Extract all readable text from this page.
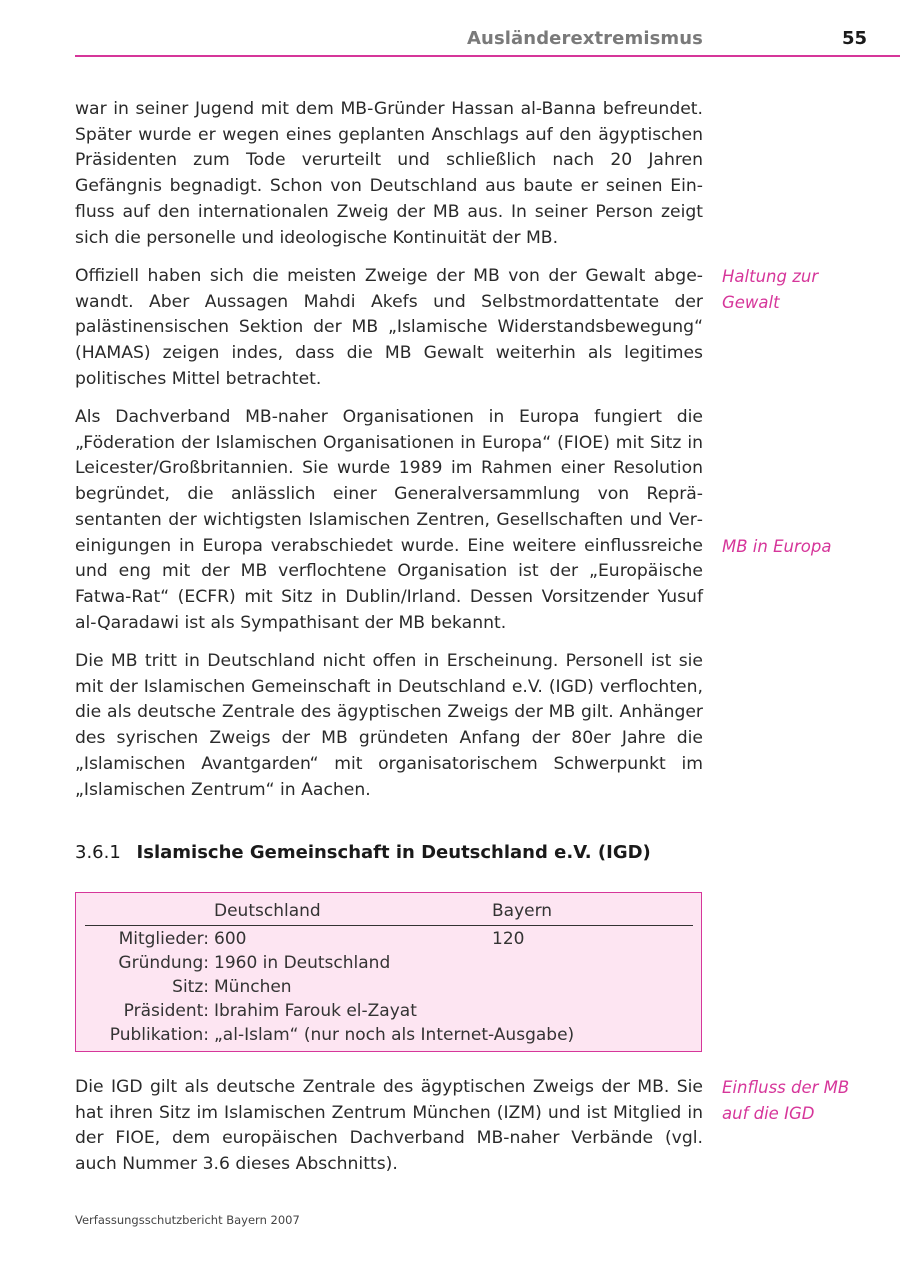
Ausländerextremismus	55

war in seiner Jugend mit dem MB-Gründer Hassan al-Banna befreundet. Später wurde er wegen eines geplanten Anschlags auf den ägyptischen Präsidenten zum Tode verurteilt und schließlich nach 20 Jahren Gefängnis begnadigt. Schon von Deutschland aus baute er seinen Einfluss auf den internationalen Zweig der MB aus. In seiner Person zeigt sich die personelle und ideologische Kontinuität der MB.

Offiziell haben sich die meisten Zweige der MB von der Gewalt abgewandt. Aber Aussagen Mahdi Akefs und Selbstmordattentate der palästinensischen Sektion der MB „Islamische Widerstandsbewegung“ (HAMAS) zeigen indes, dass die MB Gewalt weiterhin als legitimes politisches Mittel betrachtet.

Als Dachverband MB-naher Organisationen in Europa fungiert die „Föderation der Islamischen Organisationen in Europa“ (FIOE) mit Sitz in Leicester/Großbritannien. Sie wurde 1989 im Rahmen einer Resolution begründet, die anlässlich einer Generalversammlung von Repräsentanten der wichtigsten Islamischen Zentren, Gesellschaften und Vereinigungen in Europa verabschiedet wurde. Eine weitere einflussreiche und eng mit der MB verflochtene Organisation ist der „Europäische Fatwa-Rat“ (ECFR) mit Sitz in Dublin/Irland. Dessen Vorsitzender Yusuf al-Qaradawi ist als Sympathisant der MB bekannt.

Die MB tritt in Deutschland nicht offen in Erscheinung. Personell ist sie mit der Islamischen Gemeinschaft in Deutschland e.V. (IGD) verflochten, die als deutsche Zentrale des ägyptischen Zweigs der MB gilt. Anhänger des syrischen Zweigs der MB gründeten Anfang der 80er Jahre die „Islamischen Avantgarden“ mit organisatorischem Schwerpunkt im „Islamischen Zentrum“ in Aachen.

Haltung zur Gewalt
MB in Europa
Einfluss der MB auf die IGD
3.6.1 Islamische Gemeinschaft in Deutschland e.V. (IGD)
Deutschland	Bayern
Mitglieder: 600	120
Gründung: 1960 in Deutschland
Sitz: München
Präsident: Ibrahim Farouk el-Zayat
Publikation: „al-Islam“ (nur noch als Internet-Ausgabe)

Die IGD gilt als deutsche Zentrale des ägyptischen Zweigs der MB. Sie hat ihren Sitz im Islamischen Zentrum München (IZM) und ist Mitglied in der FIOE, dem europäischen Dachverband MB-naher Verbände (vgl. auch Nummer 3.6 dieses Abschnitts).

Verfassungsschutzbericht Bayern 2007
